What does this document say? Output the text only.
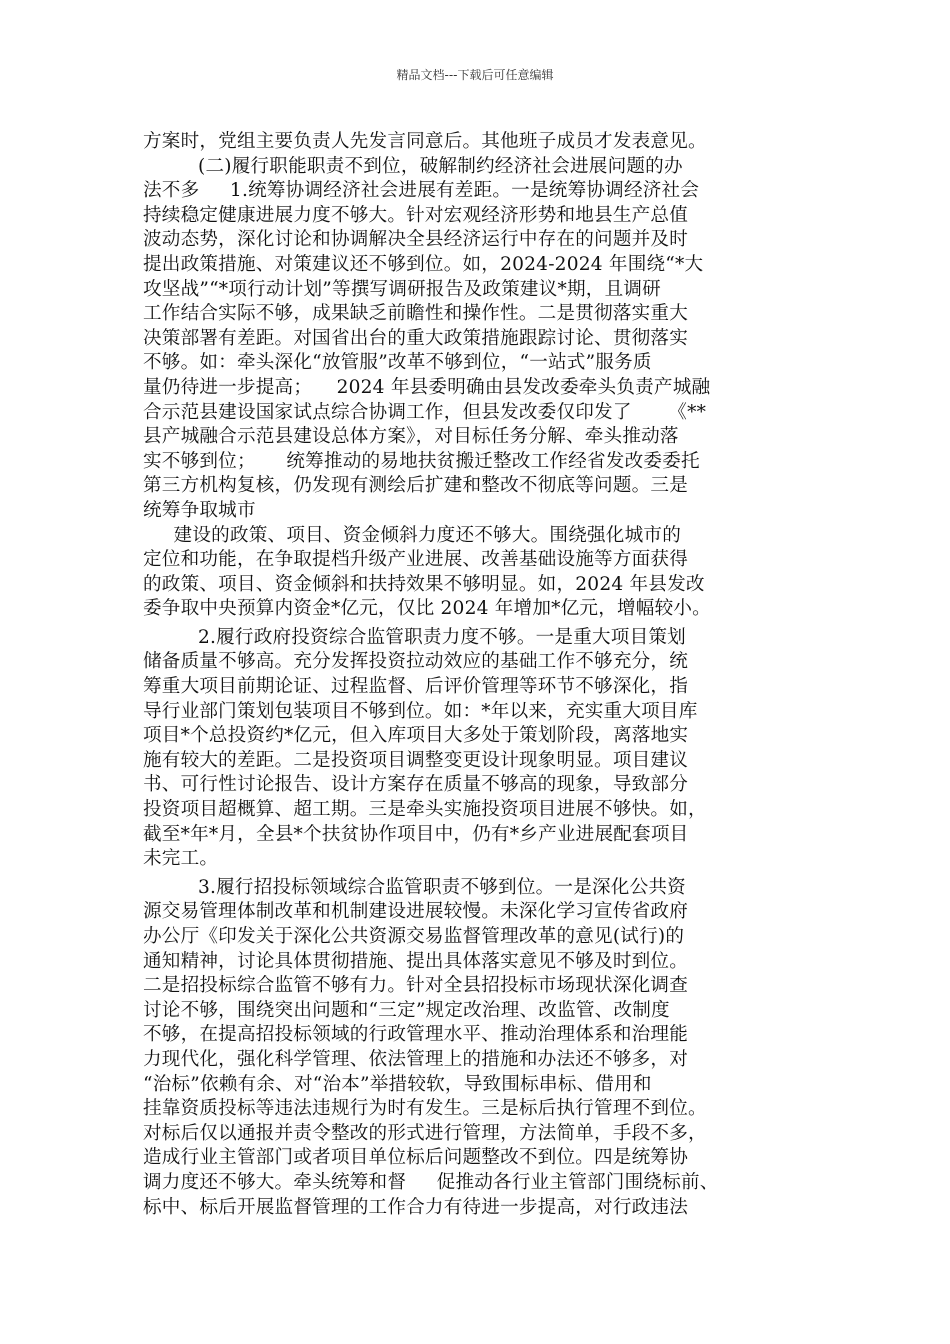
精品文档---下载后可任意编辑
方案时，党组主要负责人先发言同意后。其他班子成员才发表意见。
(二)履行职能职责不到位，破解制约经济社会进展问题的办
法不多     1.统筹协调经济社会进展有差距。一是统筹协调经济社会
持续稳定健康进展力度不够大。针对宏观经济形势和地县生产总值
波动态势，深化讨论和协调解决全县经济运行中存在的问题并及时
提出政策措施、对策建议还不够到位。如，2024-2024 年围绕“*大
攻坚战”“*项行动计划”等撰写调研报告及政策建议*期，且调研
工作结合实际不够，成果缺乏前瞻性和操作性。二是贯彻落实重大
决策部署有差距。对国省出台的重大政策措施跟踪讨论、贯彻落实
不够。如：牵头深化“放管服”改革不够到位，“一站式”服务质
量仍待进一步提高；    2024 年县委明确由县发改委牵头负责产城融
合示范县建设国家试点综合协调工作，但县发改委仅印发了      《**
县产城融合示范县建设总体方案》，对目标任务分解、牵头推动落
实不够到位；     统筹推动的易地扶贫搬迁整改工作经省发改委委托
第三方机构复核，仍发现有测绘后扩建和整改不彻底等问题。三是
统筹争取城市
建设的政策、项目、资金倾斜力度还不够大。围绕强化城市的
定位和功能，在争取提档升级产业进展、改善基础设施等方面获得
的政策、项目、资金倾斜和扶持效果不够明显。如，2024 年县发改
委争取中央预算内资金*亿元，仅比 2024 年增加*亿元，增幅较小。
2.履行政府投资综合监管职责力度不够。一是重大项目策划
储备质量不够高。充分发挥投资拉动效应的基础工作不够充分，统
筹重大项目前期论证、过程监督、后评价管理等环节不够深化，指
导行业部门策划包装项目不够到位。如：*年以来，充实重大项目库
项目*个总投资约*亿元，但入库项目大多处于策划阶段，离落地实
施有较大的差距。二是投资项目调整变更设计现象明显。项目建议
书、可行性讨论报告、设计方案存在质量不够高的现象，导致部分
投资项目超概算、超工期。三是牵头实施投资项目进展不够快。如，
截至*年*月，全县*个扶贫协作项目中，仍有*乡产业进展配套项目
未完工。
3.履行招投标领域综合监管职责不够到位。一是深化公共资
源交易管理体制改革和机制建设进展较慢。未深化学习宣传省政府
办公厅《印发关于深化公共资源交易监督管理改革的意见(试行)的
通知精神，讨论具体贯彻措施、提出具体落实意见不够及时到位。
二是招投标综合监管不够有力。针对全县招投标市场现状深化调查
讨论不够，围绕突出问题和“三定”规定改治理、改监管、改制度
不够，在提高招投标领域的行政管理水平、推动治理体系和治理能
力现代化，强化科学管理、依法管理上的措施和办法还不够多，对
“治标”依赖有余、对“治本”举措较软，导致围标串标、借用和
挂靠资质投标等违法违规行为时有发生。三是标后执行管理不到位。
对标后仅以通报并责令整改的形式进行管理，方法简单，手段不多，
造成行业主管部门或者项目单位标后问题整改不到位。四是统筹协
调力度还不够大。牵头统筹和督     促推动各行业主管部门围绕标前、
标中、标后开展监督管理的工作合力有待进一步提高，对行政违法
